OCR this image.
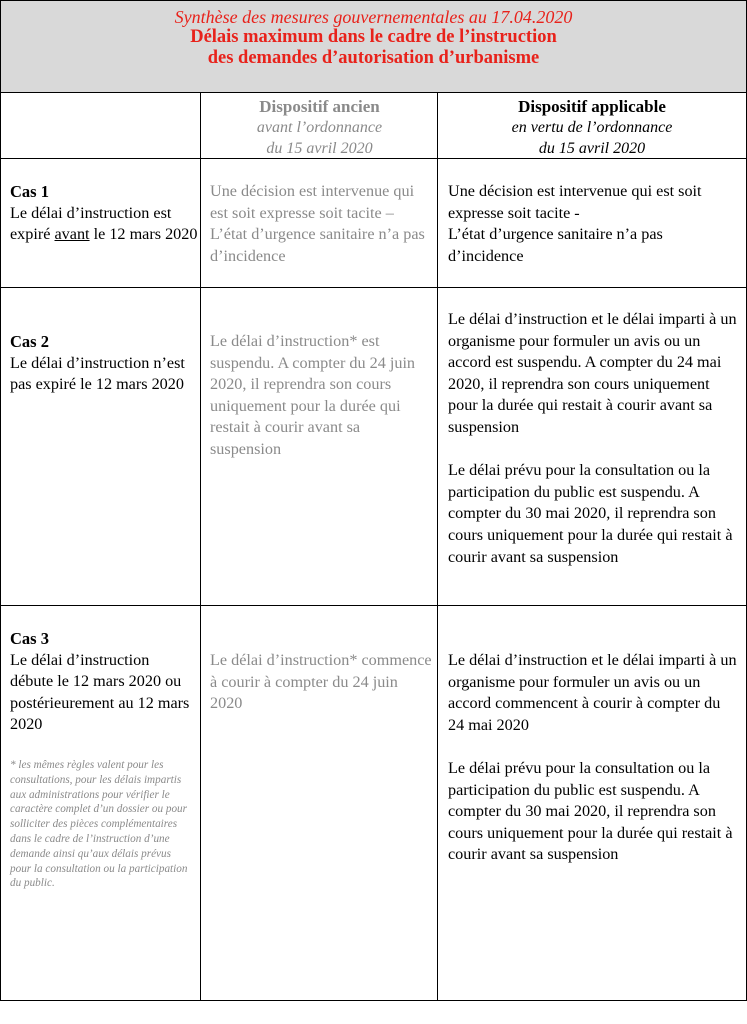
Synthèse des mesures gouvernementales au 17.04.2020
Délais maximum dans le cadre de l’instruction
des demandes d’autorisation d’urbanisme
Dispositif ancien
avant l’ordonnance
du 15 avril 2020
Dispositif applicable
en vertu de l’ordonnance
du 15 avril 2020
Cas 1
Le délai d’instruction est expiré avant le 12 mars 2020
Une décision est intervenue qui est soit expresse soit tacite – L’état d’urgence sanitaire n’a pas d’incidence

Une décision est intervenue qui est soit expresse soit tacite -

L’état d’urgence sanitaire n’a pas d’incidence

Cas 2
Le délai d’instruction n’est pas expiré le 12 mars 2020
Le délai d’instruction* est suspendu. A compter du 24 juin 2020, il reprendra son cours uniquement pour la durée qui restait à courir avant sa suspension

Le délai d’instruction et le délai imparti à un organisme pour formuler un avis ou un accord est suspendu. A compter du 24 mai 2020, il reprendra son cours uniquement pour la durée qui restait à courir avant sa suspension

Le délai prévu pour la consultation ou la participation du public est suspendu. A compter du 30 mai 2020, il reprendra son cours uniquement pour la durée qui restait à courir avant sa suspension

Cas 3
Le délai d’instruction débute le 12 mars 2020 ou postérieurement au 12 mars 2020
* les mêmes règles valent pour les consultations, pour les délais impartis aux administrations pour vérifier le caractère complet d’un dossier ou pour solliciter des pièces complémentaires dans le cadre de l’instruction d’une demande ainsi qu’aux délais prévus pour la consultation ou la participation du public.
Le délai d’instruction* commence à courir à compter du 24 juin 2020

Le délai d’instruction et le délai imparti à un organisme pour formuler un avis ou un accord commencent à courir à compter du 24 mai 2020

Le délai prévu pour la consultation ou la participation du public est suspendu. A compter du 30 mai 2020, il reprendra son cours uniquement pour la durée qui restait à courir avant sa suspension
